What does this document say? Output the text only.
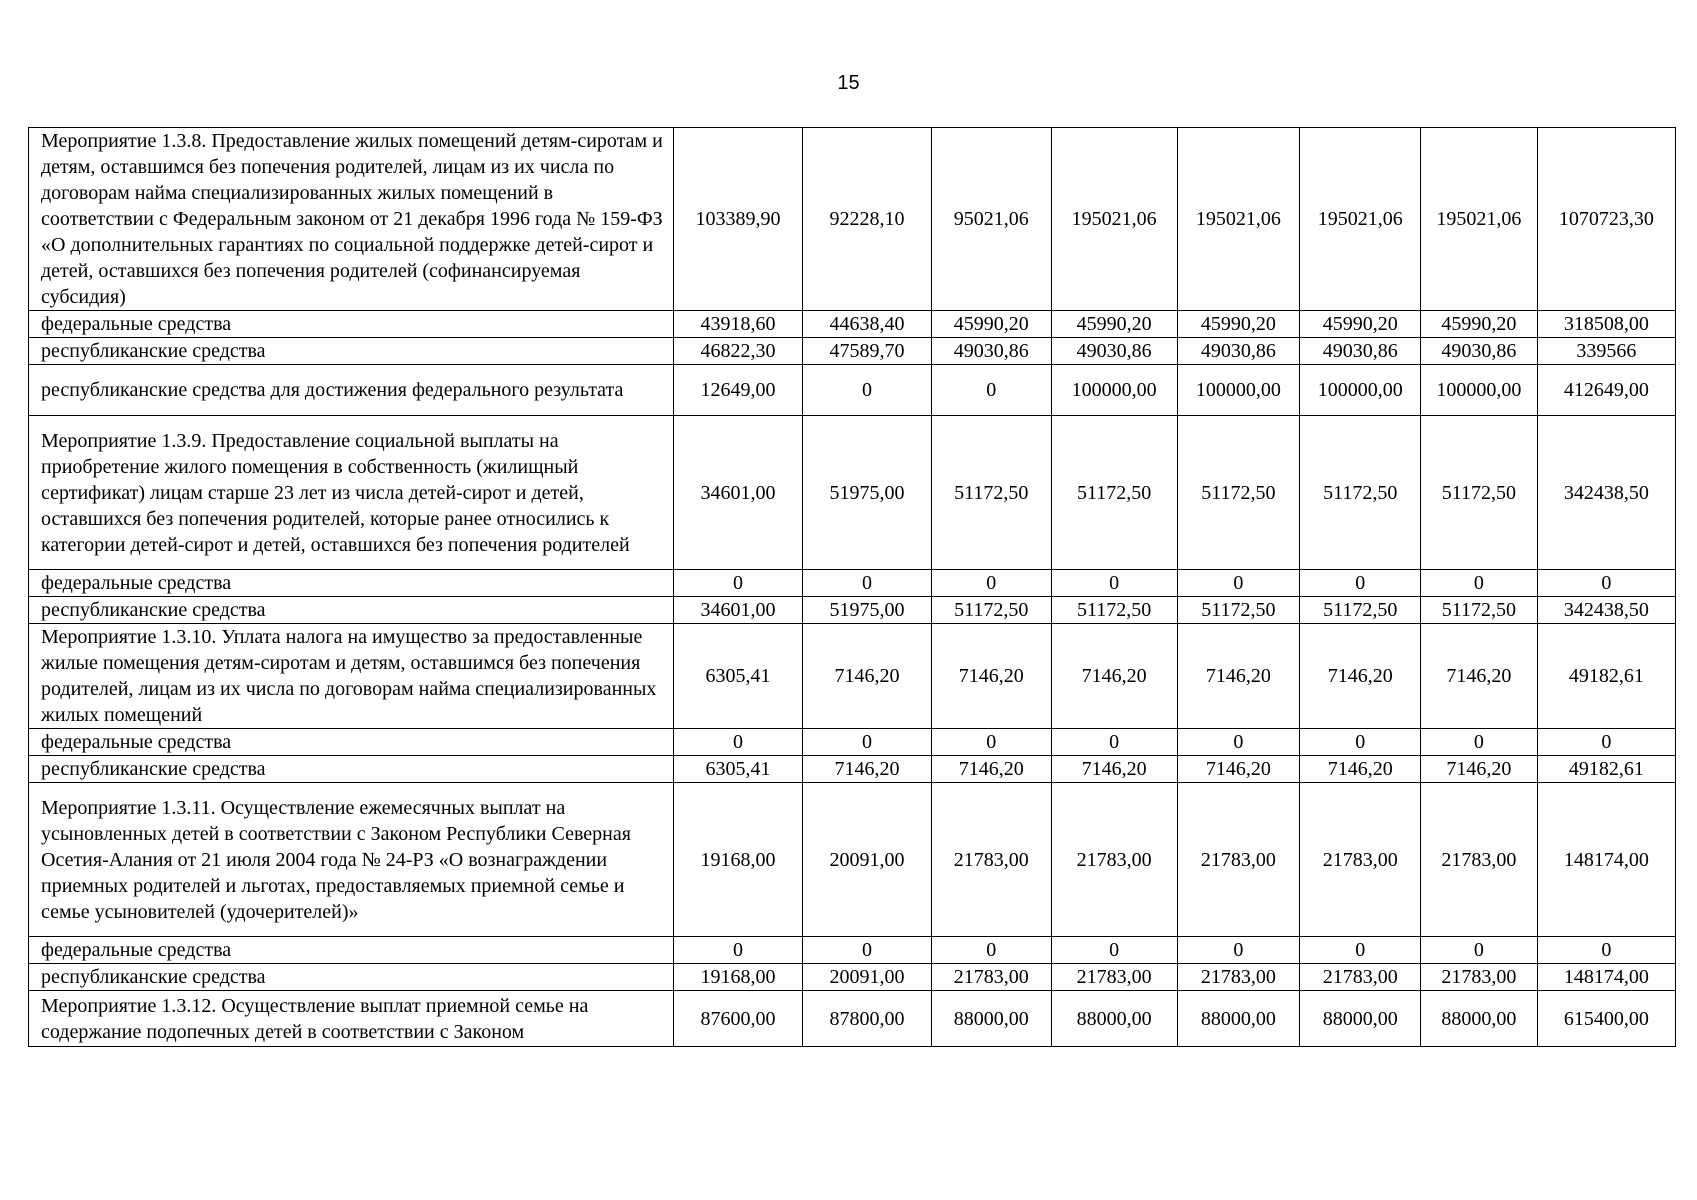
15
Мероприятие 1.3.8. Предоставление жилых помещений детям-сиротам и детям, оставшимся без попечения родителей, лицам из их числа по договорам найма специализированных жилых помещений в соответствии с Федеральным законом от 21 декабря 1996 года № 159-ФЗ «О дополнительных гарантиях по социальной поддержке детей-сирот и детей, оставшихся без попечения родителей (софинансируемая субсидия)	103389,90	92228,10	95021,06	195021,06	195021,06	195021,06	195021,06	1070723,30
федеральные средства	43918,60	44638,40	45990,20	45990,20	45990,20	45990,20	45990,20	318508,00
республиканские средства	46822,30	47589,70	49030,86	49030,86	49030,86	49030,86	49030,86	339566
республиканские средства для достижения федерального результата	12649,00	0	0	100000,00	100000,00	100000,00	100000,00	412649,00
Мероприятие 1.3.9. Предоставление социальной выплаты на приобретение жилого помещения в собственность (жилищный сертификат) лицам старше 23 лет из числа детей-сирот и детей, оставшихся без попечения родителей, которые ранее относились к категории детей-сирот и детей, оставшихся без попечения родителей	34601,00	51975,00	51172,50	51172,50	51172,50	51172,50	51172,50	342438,50
федеральные средства	0	0	0	0	0	0	0	0
республиканские средства	34601,00	51975,00	51172,50	51172,50	51172,50	51172,50	51172,50	342438,50
Мероприятие 1.3.10. Уплата налога на имущество за предоставленные жилые помещения детям-сиротам и детям, оставшимся без попечения родителей, лицам из их числа по договорам найма специализированных жилых помещений	6305,41	7146,20	7146,20	7146,20	7146,20	7146,20	7146,20	49182,61
федеральные средства	0	0	0	0	0	0	0	0
республиканские средства	6305,41	7146,20	7146,20	7146,20	7146,20	7146,20	7146,20	49182,61
Мероприятие 1.3.11. Осуществление ежемесячных выплат на усыновленных детей в соответствии с Законом Республики Северная Осетия-Алания от 21 июля 2004 года № 24-РЗ «О вознаграждении приемных родителей и льготах, предоставляемых приемной семье и семье усыновителей (удочерителей)»	19168,00	20091,00	21783,00	21783,00	21783,00	21783,00	21783,00	148174,00
федеральные средства	0	0	0	0	0	0	0	0
республиканские средства	19168,00	20091,00	21783,00	21783,00	21783,00	21783,00	21783,00	148174,00
Мероприятие 1.3.12. Осуществление выплат приемной семье на содержание подопечных детей в соответствии с Законом	87600,00	87800,00	88000,00	88000,00	88000,00	88000,00	88000,00	615400,00
